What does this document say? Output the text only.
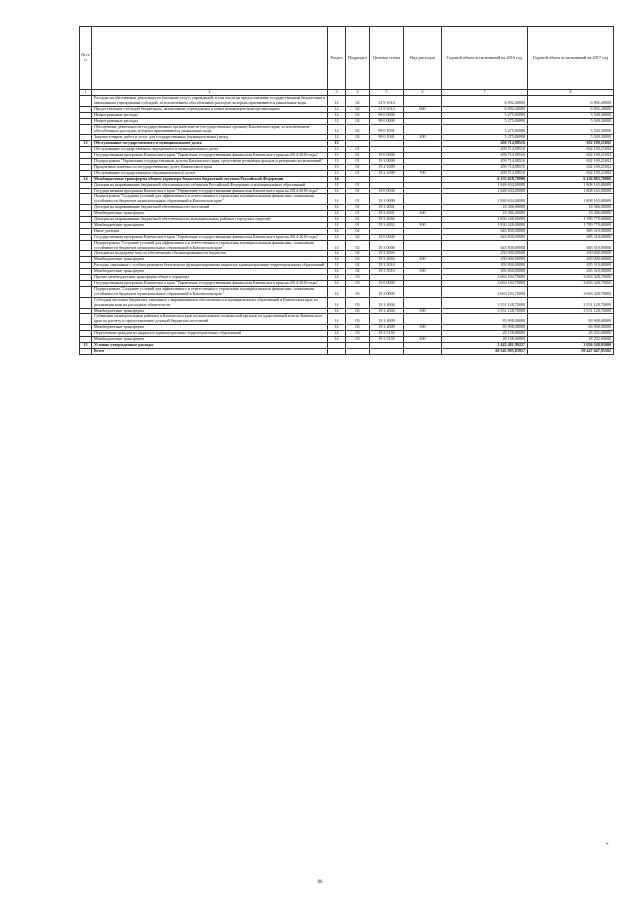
№ п/п		Раздел	Подраздел	Целевая статья	Вид расходов	Годовой объем ассигнований на 2016 год	Годовой объем ассигнований на 2017 год
1	2	3	4	5	6	7	8
	Расходы на обеспечение деятельности (оказание услуг) учреждений, в том числе на предоставление государственным бюджетным и автономным учреждениям субсидий, за исключением обособленных расходов, которым присваиваются уникальные коды	12	02	21 9 1014		6 992,40000	6 992,40000
	Предоставление субсидий бюджетным, автономным учреждениям и иным некоммерческим организациям	12	02	21 9 1014	600	6 992,40000	6 992,40000
	Непрограммные расходы	12	02	99 0 0000		5 275,00000	5 549,30000
	Непрограммные расходы	12	02	99 0 0000		5 275,00000	5 549,30000
	Обеспечение деятельности государственных органов власти (государственных органов) Камчатского края, за исключением обособленных расходов, которым присваиваются уникальные коды	12	02	99 0 1001		5 275,00000	5 549,30000
	Закупка товаров, работ и услуг для государственных (муниципальных) нужд	12	02	99 0 1001	200	5 275,00000	5 549,30000
13	Обслуживание государственного и муниципального долга	13				459 714,98516	632 109,21692
	Обслуживание государственного внутреннего и муниципального долга	13	01			459 714,98516	632 109,21692
	Государственная программа Камчатского края "Управление государственными финансами Камчатского края на 2014-2018 годы"	13	01	19 0 0000		459 714,98516	632 109,21692
	Подпрограмма "Управление государственным долгом Камчатского края, средствами резервных фондов и резервами ассигнований"	13	01	19 2 0000		459 714,98516	632 109,21692
	Процентные платежи по государственному долгу Камчатского края	13	01	19 2 1009		459 714,98516	632 109,21692
	Обслуживание государственного (муниципального) долга	13	01	19 2 1009	700	459 714,98516	632 109,21692
14	Межбюджетные трансферты общего характера бюджетам бюджетной системы Российской Федерации	14				6 155 658,70000	6 156 803,70000
	Дотации на выравнивание бюджетной обеспеченности субъектов Российской Федерации и муниципальных образований	14	01			1 848 634,00000	1 808 165,00000
	Государственная программа Камчатского края "Управление государственными финансами Камчатского края на 2014-2018 годы"	14	01	19 0 0000		1 848 634,00000	1 808 165,00000
	Подпрограмма "Создание условий для эффективного и ответственного управления муниципальными финансами, повышения устойчивости бюджетов муниципальных образований в Камчатском крае"	14	01	19 3 0000		1 848 634,00000	1 808 165,00000
	Дотации на выравнивание бюджетной обеспеченности поселений	14	01	19 3 4001		18 386,00000	18 386,00000
	Межбюджетные трансферты	14	01	19 3 4001	500	18 386,00000	18 386,00000
	Дотации на выравнивание бюджетной обеспеченности муниципальных районов (городских округов)	14	01	19 3 4002		1 830 248,00000	1 789 779,00000
	Межбюджетные трансферты	14	01	19 3 4002	500	1 830 248,00000	1 789 779,00000
	Иные дотации	14	02			643 830,00000	685 310,00000
	Государственная программа Камчатского края "Управление государственными финансами Камчатского края на 2014-2018 годы"	14	02	19 0 0000		643 830,00000	685 310,00000
	Подпрограмма "Создание условий для эффективного и ответственного управления муниципальными финансами, повышения устойчивости бюджетов муниципальных образований в Камчатском крае"	14	02	19 3 0000		643 830,00000	685 310,00000
	Дотации на поддержку мер по обеспечению сбалансированности бюджетов	14	02	19 3 4003		250 000,00000	250 000,00000
	Межбюджетные трансферты	14	02	19 3 4003	500	250 000,00000	250 000,00000
	Расходы, связанные с особым режимом безопасного функционирования закрытых административно-территориальных образований	14	02	19 3 5010		393 830,00000	435 310,00000
	Межбюджетные трансферты	14	02	19 3 5010	500	393 830,00000	435 310,00000
	Прочие межбюджетные трансферты общего характера	14	03			3 663 194,70000	3 663 328,70000
	Государственная программа Камчатского края "Управление государственными финансами Камчатского края на 2014-2018 годы"	14	03	19 0 0000		3 663 194,70000	3 663 328,70000
	Подпрограмма "Создание условий для эффективного и ответственного управления муниципальными финансами, повышения устойчивости бюджетов муниципальных образований в Камчатском крае"	14	03	19 3 0000		3 663 194,70000	3 663 328,70000
	Субсидии местным бюджетам, связанные с выравниванием обеспеченности муниципальных образований в Камчатском крае по реализации ими их расходных обязательств	14	03	19 3 4004		3 551 128,70000	3 551 128,70000
	Межбюджетные трансферты	14	03	19 3 4004	500	3 551 128,70000	3 551 128,70000
	Субвенции муниципальным районам в Камчатском крае на выполнение полномочий органов государственной власти Камчатского края по расчету и предоставлению дотаций бюджетам поселений	14	03	19 3 4009		83 908,00000	83 908,00000
	Межбюджетные трансферты	14	03	19 3 4009	500	83 908,00000	83 908,00000
	Переселение граждан из закрытых административно-территориальных образований	14	03	19 3 5159		28 158,00000	28 292,00000
	Межбюджетные трансферты	14	03	19 3 5159	500	28 158,00000	28 292,00000
15	Условно утвержденные расходы					1 443 481,99227	3 036 548,93000
	Всего					60 545 995,83957	59 447 647,95502
86
*
